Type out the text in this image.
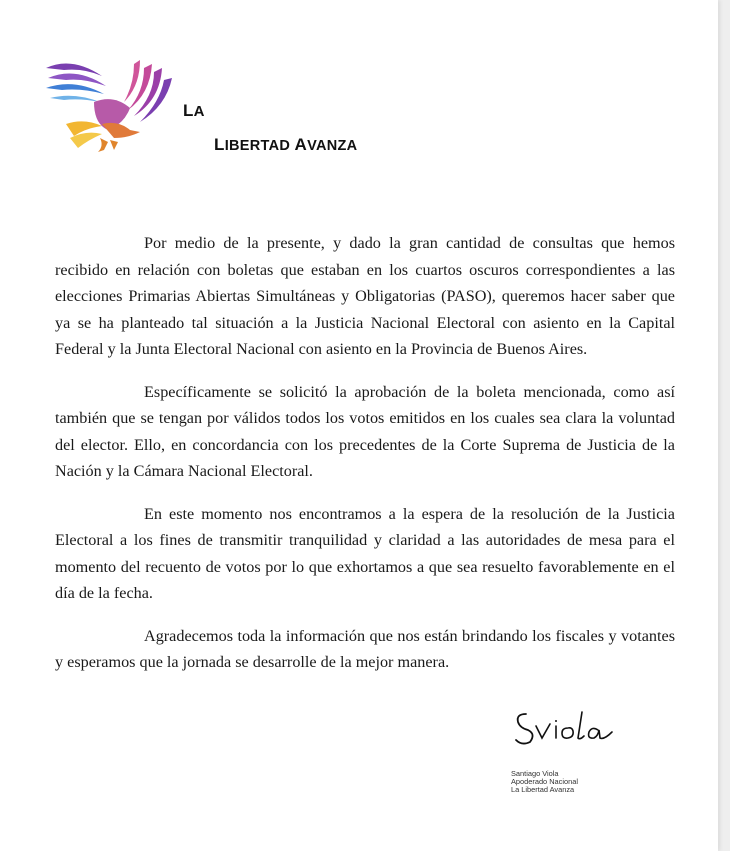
LA
LIBERTAD AVANZA

Por medio de la presente, y dado la gran cantidad de consultas que hemos recibido en relación con boletas que estaban en los cuartos oscuros correspondientes a las elecciones Primarias Abiertas Simultáneas y Obligatorias (PASO), queremos hacer saber que ya se ha planteado tal situación a la Justicia Nacional Electoral con asiento en la Capital Federal y la Junta Electoral Nacional con asiento en la Provincia de Buenos Aires.

Específicamente se solicitó la aprobación de la boleta mencionada, como así también que se tengan por válidos todos los votos emitidos en los cuales sea clara la voluntad del elector. Ello, en concordancia con los precedentes de la Corte Suprema de Justicia de la Nación y la Cámara Nacional Electoral.

En este momento nos encontramos a la espera de la resolución de la Justicia Electoral a los fines de transmitir tranquilidad y claridad a las autoridades de mesa para el momento del recuento de votos por lo que exhortamos a que sea resuelto favorablemente en el día de la fecha.

Agradecemos toda la información que nos están brindando los fiscales y votantes y esperamos que la jornada se desarrolle de la mejor manera.

Santiago Viola
Apoderado Nacional
La Libertad Avanza
